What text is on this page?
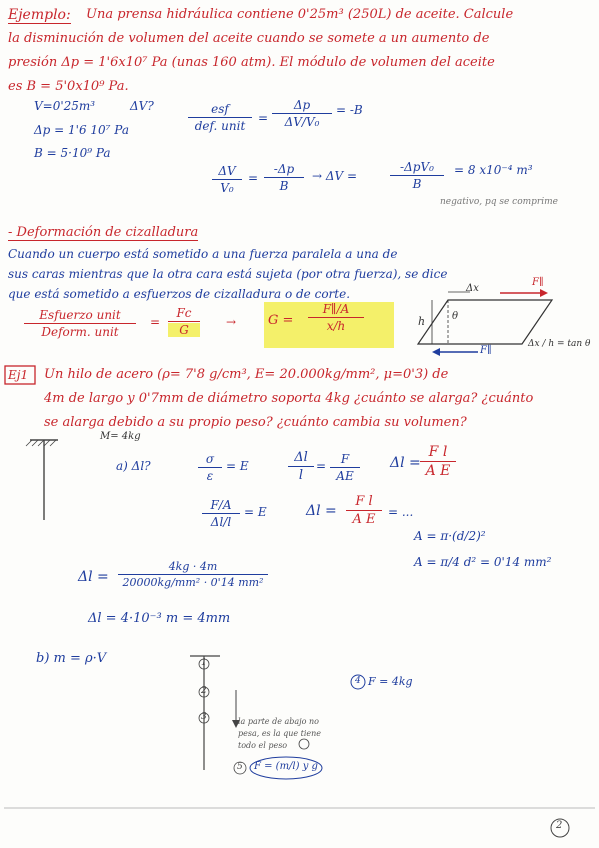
Ejemplo: Una prensa hidráulica contiene 0'25m³ (250L) de aceite. Calcule
la disminución de volumen del aceite cuando se somete a un aumento de
presión Δp = 1'6x10⁷ Pa (unas 160 atm). El módulo de volumen del aceite
es B = 5'0x10⁹ Pa.
V=0'25m³	ΔV?
Δp = 1'6 10⁷ Pa
B = 5·10⁹ Pa
esf
def. unit
=
Δp
ΔV/V₀
= -B
ΔV
V₀
=
-Δp
B
→ ΔV =
-ΔpV₀
B
= 8 x10⁻⁴ m³
negativo, pq se comprime
- Deformación de cizalladura
Cuando un cuerpo está sometido a una fuerza paralela a una de
sus caras mientras que la otra cara está sujeta (por otra fuerza), se dice
que está sometido a esfuerzos de cizalladura o de corte.
Esfuerzo unit
Deform. unit
=
Fc
G
→ G =
F∥/A
x/h
Δx
h	θ
F∥
F∥
Δx / h = tan θ
Ej1 Un hilo de acero (ρ= 7'8 g/cm³, E= 20.000kg/mm², μ=0'3) de
4m de largo y 0'7mm de diámetro soporta 4kg ¿cuánto se alarga? ¿cuánto
se alarga debido a su propio peso? ¿cuánto cambia su volumen?
M= 4kg
a) Δl?	σ
ε
= E
Δl
l
=	F
AE
Δl =
F l
A E
F/A
Δl/l
= E	Δl =
F l
A E	= ...
A = π·(d/2)²
A = π/4 d² = 0'14 mm²
Δl =
4kg · 4m
20000kg/mm² · 0'14 mm²
Δl = 4·10⁻³ m = 4mm
b) m = ρ·V
F = 4kg
1
2
3
4
5
la parte de abajo no
pesa, es la que tiene
todo el peso
F = (m/l) y g
2
